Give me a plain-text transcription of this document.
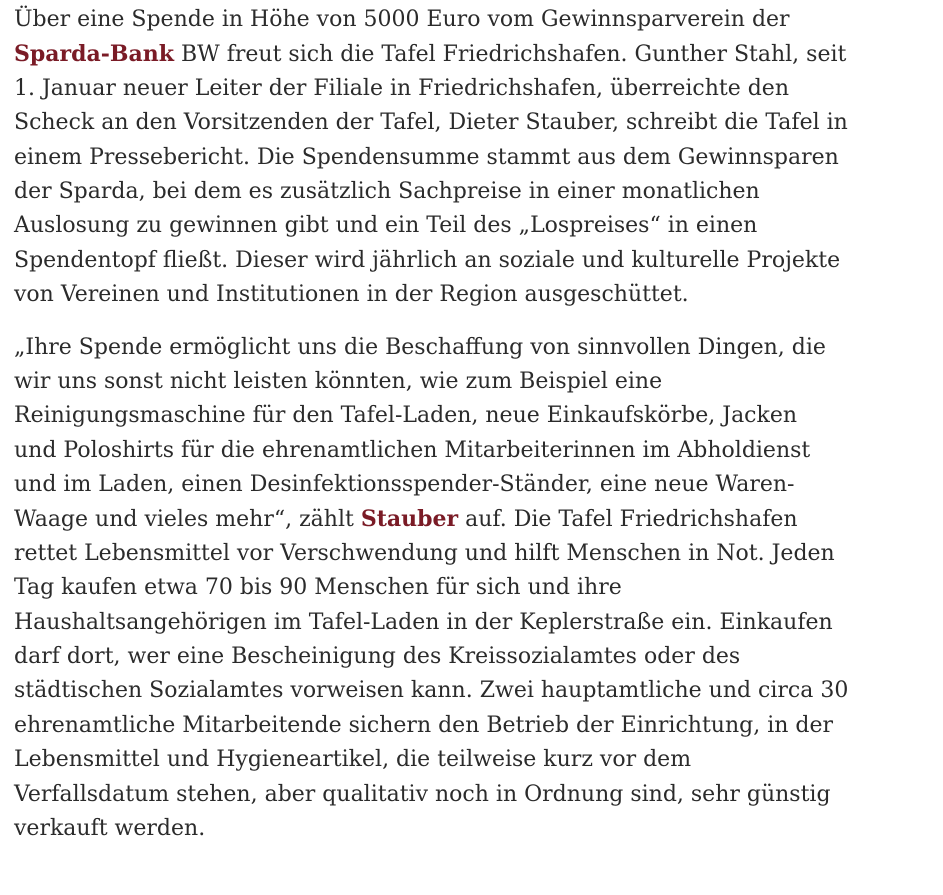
Über eine Spende in Höhe von 5000 Euro vom Gewinnsparverein der
Sparda-Bank BW freut sich die Tafel Friedrichshafen. Gunther Stahl, seit
1. Januar neuer Leiter der Filiale in Friedrichshafen, überreichte den
Scheck an den Vorsitzenden der Tafel, Dieter Stauber, schreibt die Tafel in
einem Pressebericht. Die Spendensumme stammt aus dem Gewinnsparen
der Sparda, bei dem es zusätzlich Sachpreise in einer monatlichen
Auslosung zu gewinnen gibt und ein Teil des „Lospreises“ in einen
Spendentopf fließt. Dieser wird jährlich an soziale und kulturelle Projekte
von Vereinen und Institutionen in der Region ausgeschüttet.

„Ihre Spende ermöglicht uns die Beschaffung von sinnvollen Dingen, die
wir uns sonst nicht leisten könnten, wie zum Beispiel eine
Reinigungsmaschine für den Tafel-Laden, neue Einkaufskörbe, Jacken
und Poloshirts für die ehrenamtlichen Mitarbeiterinnen im Abholdienst
und im Laden, einen Desinfektionsspender-Ständer, eine neue Waren-
Waage und vieles mehr“, zählt Stauber auf. Die Tafel Friedrichshafen
rettet Lebensmittel vor Verschwendung und hilft Menschen in Not. Jeden
Tag kaufen etwa 70 bis 90 Menschen für sich und ihre
Haushaltsangehörigen im Tafel-Laden in der Keplerstraße ein. Einkaufen
darf dort, wer eine Bescheinigung des Kreissozialamtes oder des
städtischen Sozialamtes vorweisen kann. Zwei hauptamtliche und circa 30
ehrenamtliche Mitarbeitende sichern den Betrieb der Einrichtung, in der
Lebensmittel und Hygieneartikel, die teilweise kurz vor dem
Verfallsdatum stehen, aber qualitativ noch in Ordnung sind, sehr günstig
verkauft werden.
